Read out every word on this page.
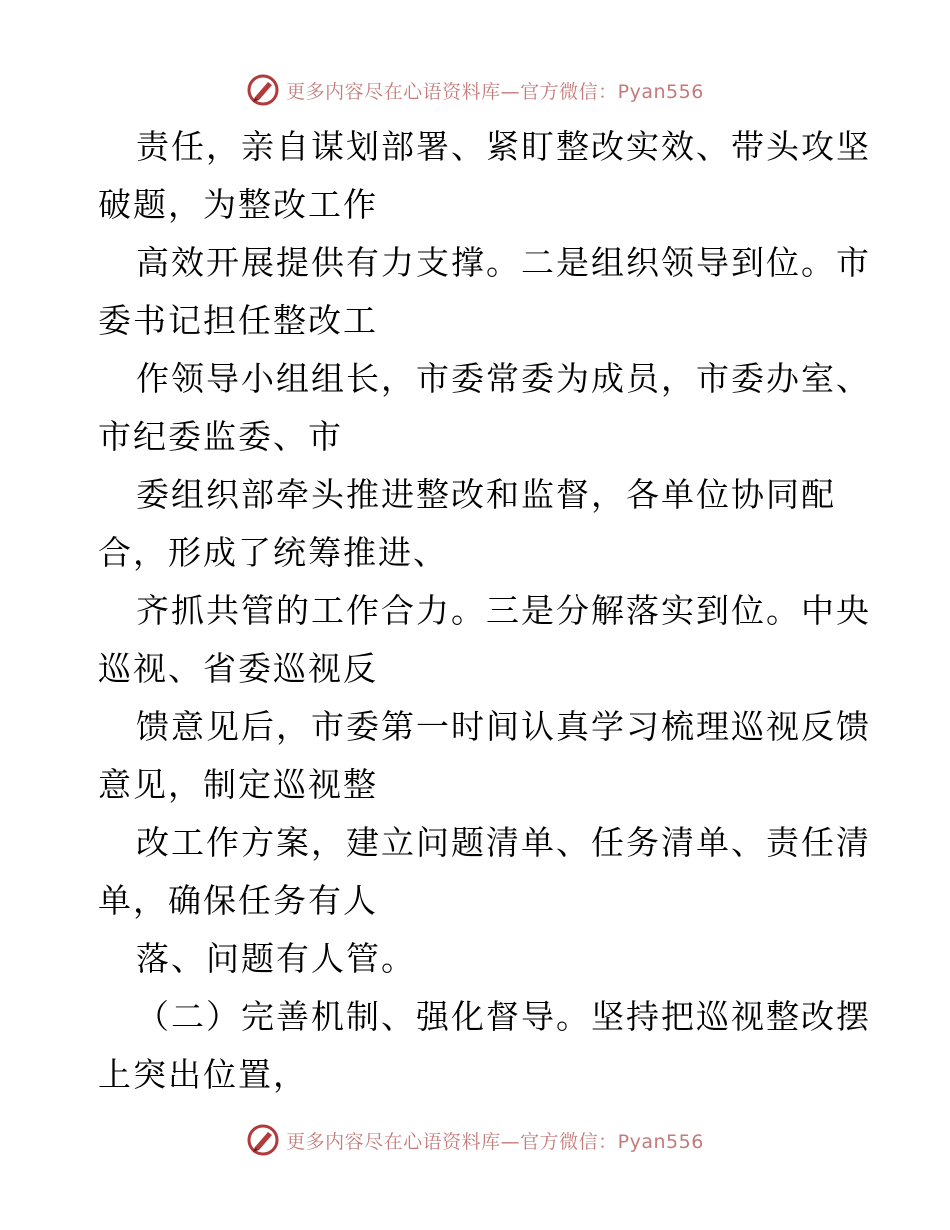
更多内容尽在心语资料库—官方微信：Pyan556
责任，亲自谋划部署、紧盯整改实效、带头攻坚
破题，为整改工作
高效开展提供有力支撑。二是组织领导到位。市
委书记担任整改工
作领导小组组长，市委常委为成员，市委办室、
市纪委监委、市
委组织部牵头推进整改和监督，各单位协同配
合，形成了统筹推进、
齐抓共管的工作合力。三是分解落实到位。中央
巡视、省委巡视反
馈意见后，市委第一时间认真学习梳理巡视反馈
意见，制定巡视整
改工作方案，建立问题清单、任务清单、责任清
单，确保任务有人
落、问题有人管。
（二）完善机制、强化督导。坚持把巡视整改摆
上突出位置，
更多内容尽在心语资料库—官方微信：Pyan556
